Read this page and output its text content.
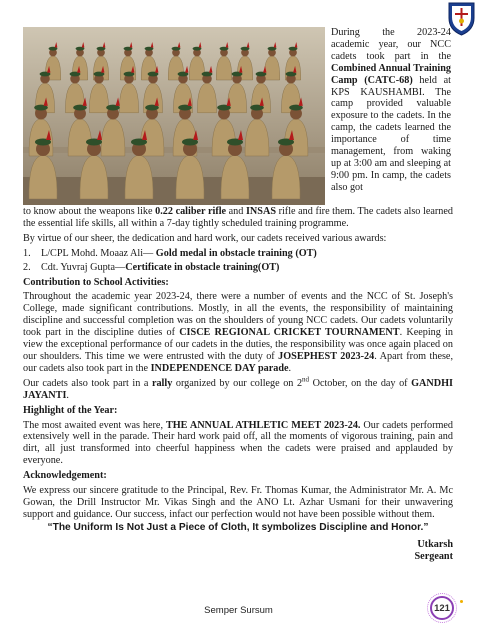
During the 2023-24 academic year, our NCC cadets took part in the Combined Annual Training Camp (CATC-68) held at KPS KAUSHAMBI. The camp provided valuable exposure to the cadets. In the camp, the cadets learned the importance of time management, from waking up at 3:00 am and sleeping at 9:00 pm. In camp, the cadets also got

to know about the weapons like 0.22 caliber rifle and INSAS rifle and fire them. The cadets also learned the essential life skills, all within a 7-day tightly scheduled training programme.

By virtue of our sheer, the dedication and hard work, our cadets received various awards:

1. L/CPL Mohd. Moaaz Ali— Gold medal in obstacle training (OT)
2. Cdt. Yuvraj Gupta—Certificate in obstacle training(OT)
Contribution to School Activities:

Throughout the academic year 2023-24, there were a number of events and the NCC of St. Joseph's College, made significant contributions. Mostly, in all the events, the responsibility of maintaining discipline and successful completion was on the shoulders of young NCC cadets. Our cadets voluntarily took part in the discipline duties of CISCE REGIONAL CRICKET TOURNAMENT. Keeping in view the exceptional performance of our cadets in the duties, the responsibility was once again placed on our shoulders. This time we were entrusted with the duty of JOSEPHEST 2023-24. Apart from these, our cadets also took part in the INDEPENDENCE DAY parade.

Our cadets also took part in a rally organized by our college on 2nd October, on the day of GANDHI JAYANTI.

Highlight of the Year:

The most awaited event was here, THE ANNUAL ATHLETIC MEET 2023-24. Our cadets performed extensively well in the parade. Their hard work paid off, all the moments of vigorous training, pain and dirt, all just transformed into cheerful happiness when the cadets were praised and applauded by everyone.

Acknowledgement:

We express our sincere gratitude to the Principal, Rev. Fr. Thomas Kumar, the Administrator Mr. A. Mc Gowan, the Drill Instructor Mr. Vikas Singh and the ANO Lt. Azhar Usmani for their unwavering support and guidance. Our success, infact our perfection would not have been possible without them.

“The Uniform Is Not Just a Piece of Cloth, It symbolizes Discipline and Honor.”
Utkarsh
Sergeant
Semper Sursum	121
